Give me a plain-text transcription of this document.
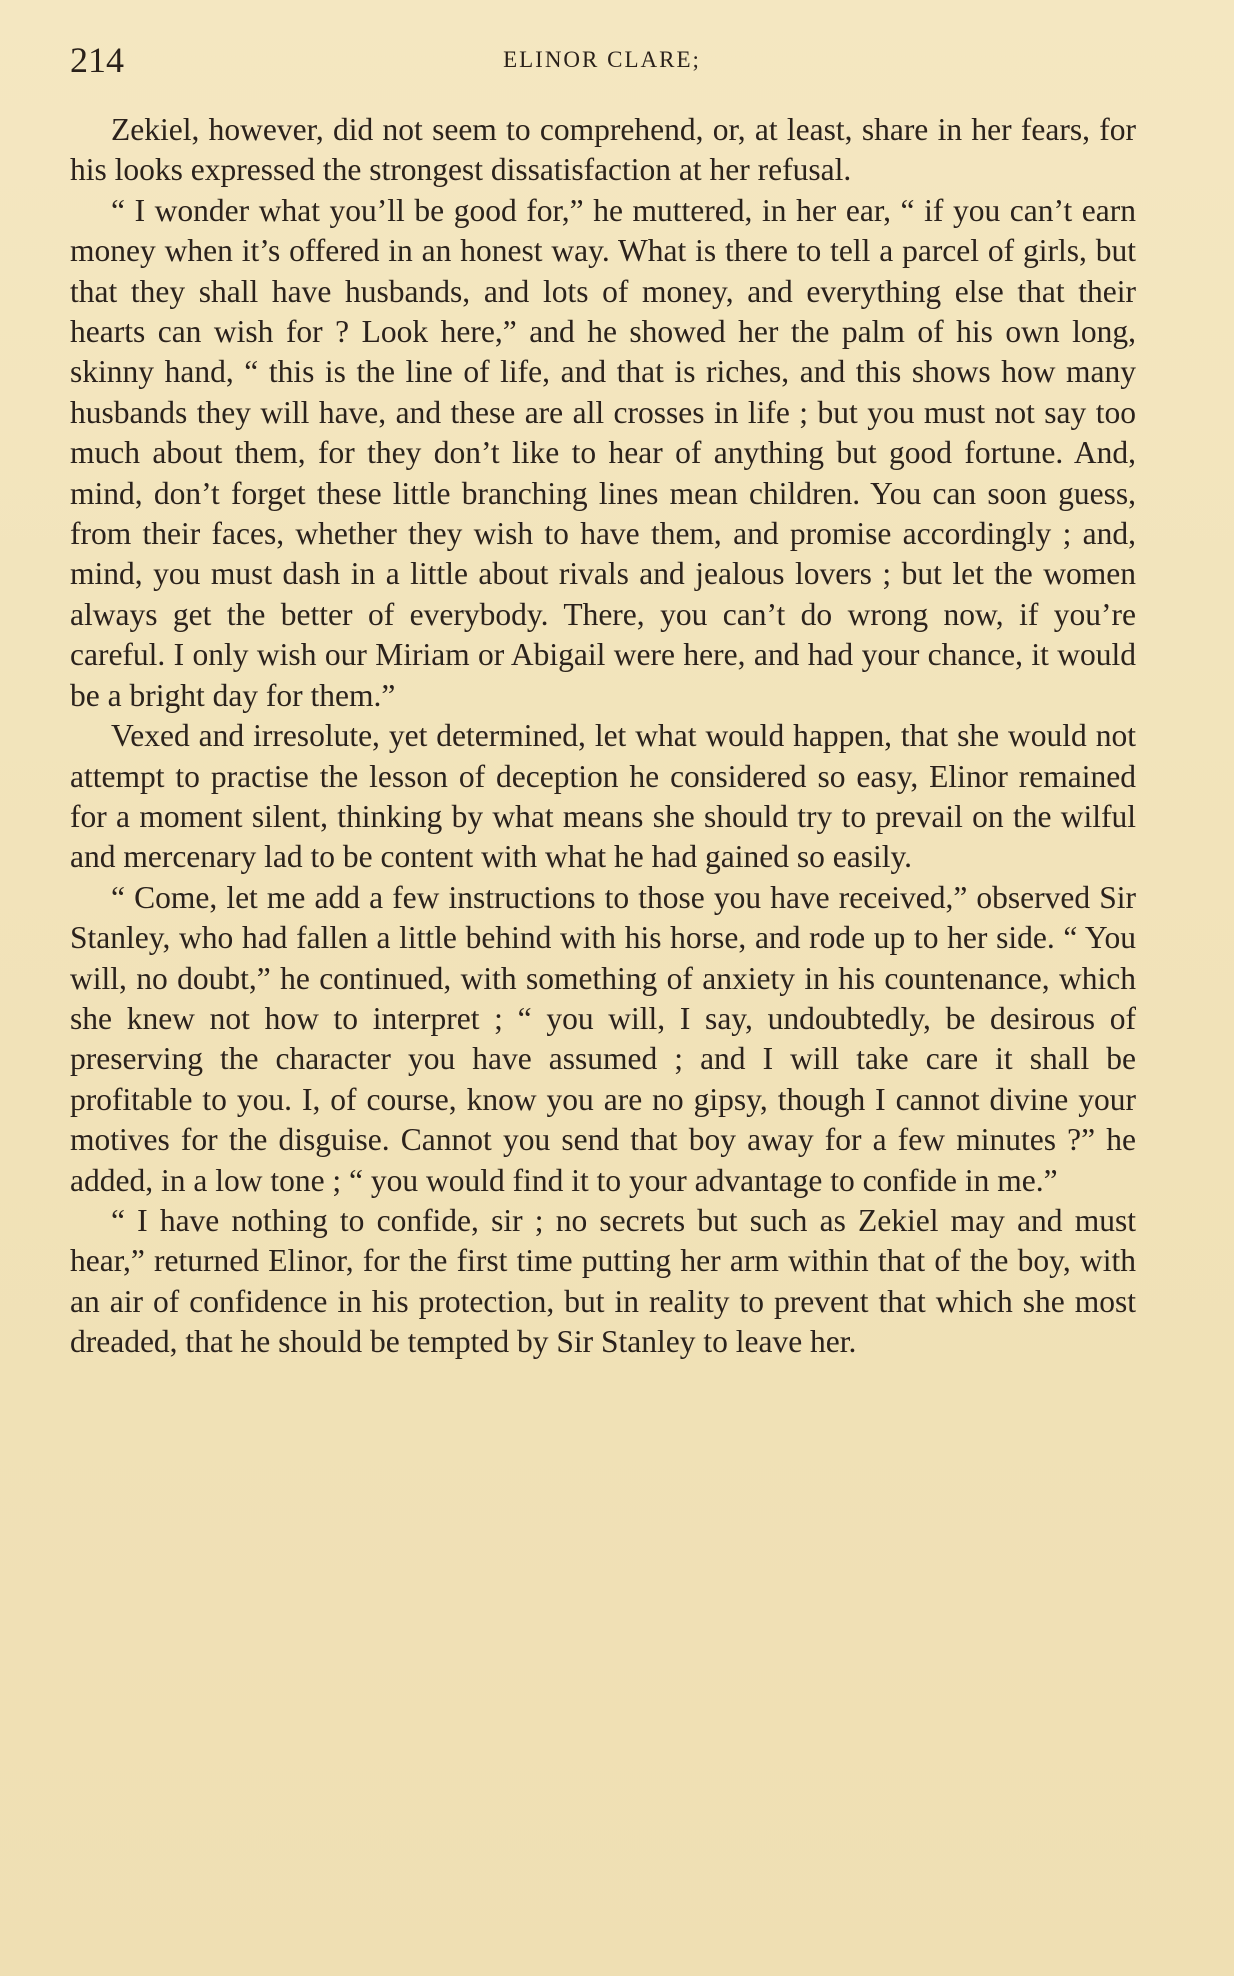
214	ELINOR CLARE;

Zekiel, however, did not seem to comprehend, or, at least, share in her fears, for his looks expressed the strongest dissatisfaction at her refusal.

“ I wonder what you’ll be good for,” he muttered, in her ear, “ if you can’t earn money when it’s offered in an honest way. What is there to tell a parcel of girls, but that they shall have husbands, and lots of money, and everything else that their hearts can wish for ? Look here,” and he showed her the palm of his own long, skinny hand, “ this is the line of life, and that is riches, and this shows how many husbands they will have, and these are all crosses in life ; but you must not say too much about them, for they don’t like to hear of anything but good fortune. And, mind, don’t forget these little branching lines mean children. You can soon guess, from their faces, whether they wish to have them, and promise accordingly ; and, mind, you must dash in a little about rivals and jealous lovers ; but let the women always get the better of everybody. There, you can’t do wrong now, if you’re careful. I only wish our Miriam or Abigail were here, and had your chance, it would be a bright day for them.”

Vexed and irresolute, yet determined, let what would happen, that she would not attempt to practise the lesson of deception he considered so easy, Elinor remained for a moment silent, thinking by what means she should try to prevail on the wilful and mercenary lad to be content with what he had gained so easily.

“ Come, let me add a few instructions to those you have received,” observed Sir Stanley, who had fallen a little behind with his horse, and rode up to her side. “ You will, no doubt,” he continued, with something of anxiety in his countenance, which she knew not how to interpret ; “ you will, I say, undoubtedly, be desirous of preserving the character you have assumed ; and I will take care it shall be profitable to you. I, of course, know you are no gipsy, though I cannot divine your motives for the disguise. Cannot you send that boy away for a few minutes ?” he added, in a low tone ; “ you would find it to your advantage to confide in me.”

“ I have nothing to confide, sir ; no secrets but such as Zekiel may and must hear,” returned Elinor, for the first time putting her arm within that of the boy, with an air of confidence in his protection, but in reality to prevent that which she most dreaded, that he should be tempted by Sir Stanley to leave her.
